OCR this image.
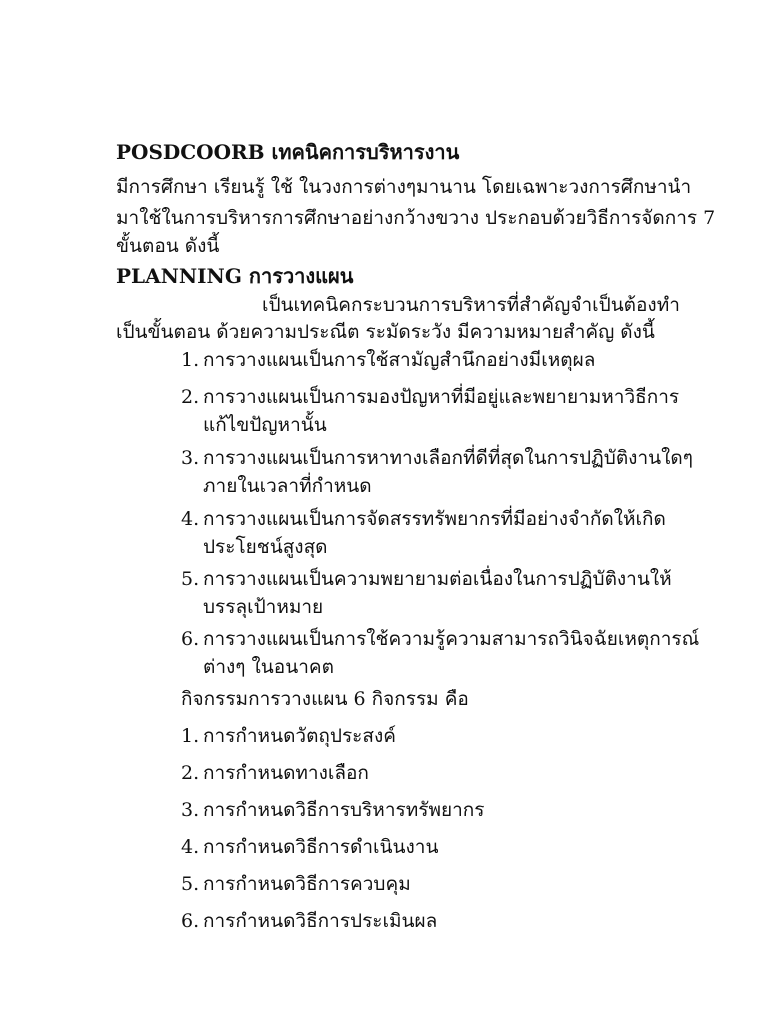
POSDCOORB เทคนิคการบริหารงาน
มีการศึกษา เรียนรู้ ใช้ ในวงการต่างๆมานาน โดยเฉพาะวงการศึกษานำ
มาใช้ในการบริหารการศึกษาอย่างกว้างขวาง ประกอบด้วยวิธีการจัดการ 7
ขั้นตอน ดังนี้
PLANNING การวางแผน
เป็นเทคนิคกระบวนการบริหารที่สำคัญจำเป็นต้องทำ
เป็นขั้นตอน ด้วยความประณีต ระมัดระวัง มีความหมายสำคัญ ดังนี้
1. การวางแผนเป็นการใช้สามัญสำนึกอย่างมีเหตุผล
2. การวางแผนเป็นการมองปัญหาที่มีอยู่และพยายามหาวิธีการ
แก้ไขปัญหานั้น
3. การวางแผนเป็นการหาทางเลือกที่ดีที่สุดในการปฏิบัติงานใดๆ
ภายในเวลาที่กำหนด
4. การวางแผนเป็นการจัดสรรทรัพยากรที่มีอย่างจำกัดให้เกิด
ประโยชน์สูงสุด
5. การวางแผนเป็นความพยายามต่อเนื่องในการปฏิบัติงานให้
บรรลุเป้าหมาย
6. การวางแผนเป็นการใช้ความรู้ความสามารถวินิจฉัยเหตุการณ์
ต่างๆ ในอนาคต
กิจกรรมการวางแผน 6 กิจกรรม คือ
1. การกำหนดวัตถุประสงค์
2. การกำหนดทางเลือก
3. การกำหนดวิธีการบริหารทรัพยากร
4. การกำหนดวิธีการดำเนินงาน
5. การกำหนดวิธีการควบคุม
6. การกำหนดวิธีการประเมินผล
